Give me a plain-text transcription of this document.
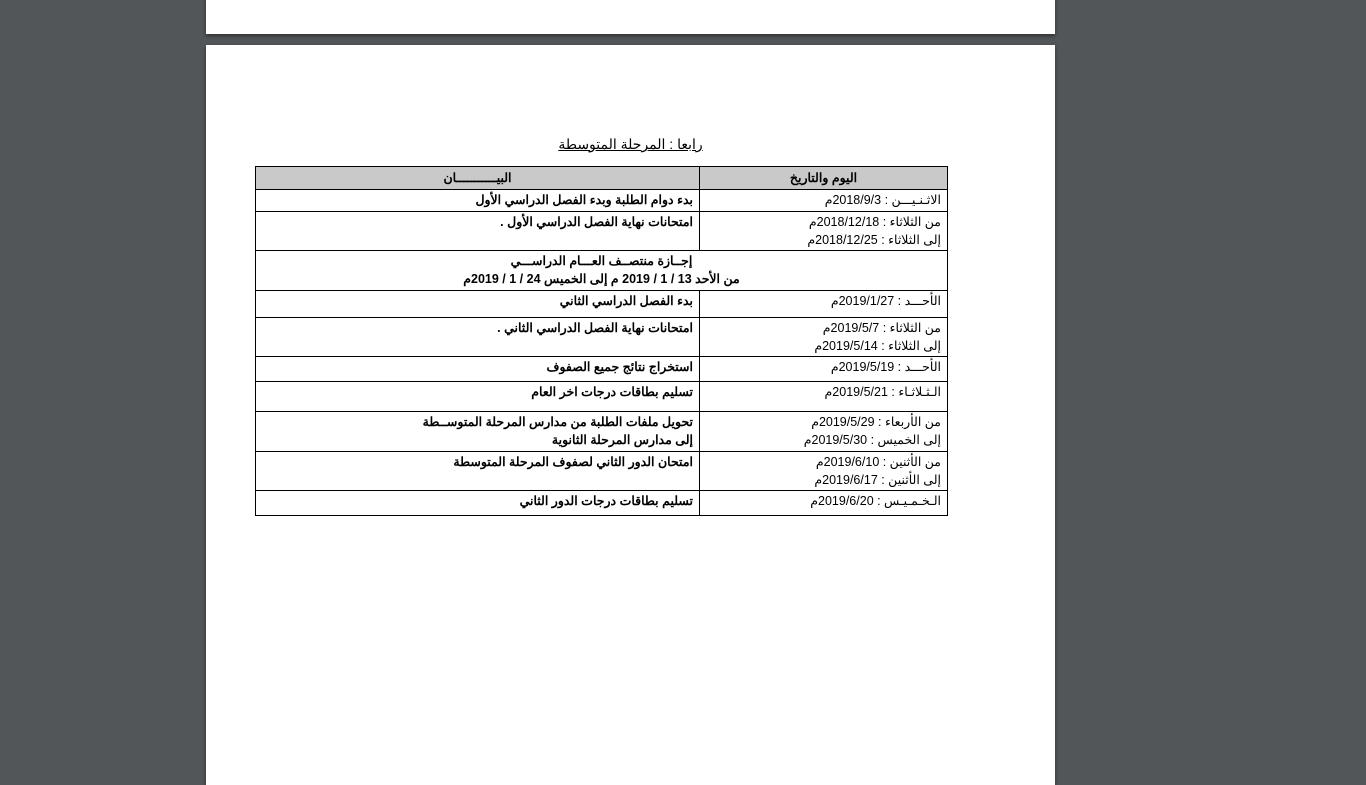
رابعا : المرحلة المتوسطة
اليوم والتاريخ	البيـــــــــــان

الاثـنـيـــن : 2018/9/3م	بدء دوام الطلبة وبدء الفصل الدراسي الأول

من الثلاثاء : 2018/12/18م
إلى الثلاثاء : 2018/12/25م	امتحانات نهاية الفصل الدراسي الأول .

إجــازة منتصــف العـــام الدراســـي
من الأحد 13 / 1 / 2019 م إلى الخميس 24 / 1 / 2019م	

الأحـــد : 2019/1/27م	بدء الفصل الدراسي الثاني

من الثلاثاء : 2019/5/7م
إلى الثلاثاء : 2019/5/14م	امتحانات نهاية الفصل الدراسي الثاني .

الأحـــد : 2019/5/19م	استخراج نتائج جميع الصفوف

الـثـلاثـاء : 2019/5/21م	تسليم بطاقات درجات اخر العام

من الأربعاء : 2019/5/29م
إلى الخميس : 2019/5/30م	تحويل ملفات الطلبة من مدارس المرحلة المتوســطة
إلى مدارس المرحلة الثانوية

من الأثنين : 2019/6/10م
إلى الأثنين : 2019/6/17م	امتحان الدور الثاني لصفوف المرحلة المتوسطة

الـخـمـيـس : 2019/6/20م	تسليم بطاقات درجات الدور الثاني
